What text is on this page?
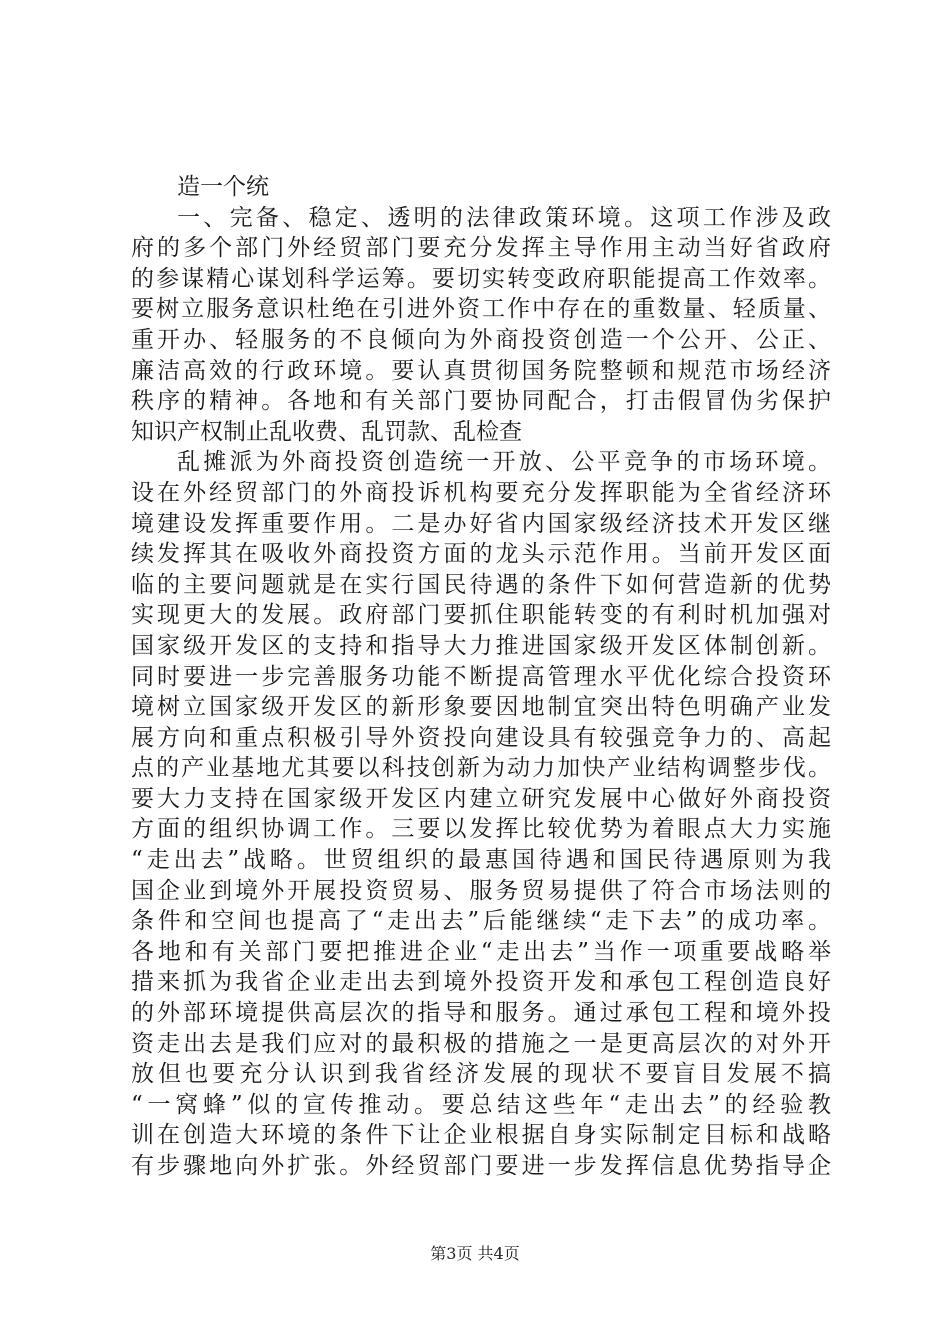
造一个统
一、完备、稳定、透明的法律政策环境。这项工作涉及政
府的多个部门外经贸部门要充分发挥主导作用主动当好省政府
的参谋精心谋划科学运筹。要切实转变政府职能提高工作效率。
要树立服务意识杜绝在引进外资工作中存在的重数量、轻质量、
重开办、轻服务的不良倾向为外商投资创造一个公开、公正、
廉洁高效的行政环境。要认真贯彻国务院整顿和规范市场经济
秩序的精神。各地和有关部门要协同配合，打击假冒伪劣保护
知识产权制止乱收费、乱罚款、乱检查
乱摊派为外商投资创造统一开放、公平竞争的市场环境。
设在外经贸部门的外商投诉机构要充分发挥职能为全省经济环
境建设发挥重要作用。二是办好省内国家级经济技术开发区继
续发挥其在吸收外商投资方面的龙头示范作用。当前开发区面
临的主要问题就是在实行国民待遇的条件下如何营造新的优势
实现更大的发展。政府部门要抓住职能转变的有利时机加强对
国家级开发区的支持和指导大力推进国家级开发区体制创新。
同时要进一步完善服务功能不断提高管理水平优化综合投资环
境树立国家级开发区的新形象要因地制宜突出特色明确产业发
展方向和重点积极引导外资投向建设具有较强竞争力的、高起
点的产业基地尤其要以科技创新为动力加快产业结构调整步伐。
要大力支持在国家级开发区内建立研究发展中心做好外商投资
方面的组织协调工作。三要以发挥比较优势为着眼点大力实施
“走出去”战略。世贸组织的最惠国待遇和国民待遇原则为我
国企业到境外开展投资贸易、服务贸易提供了符合市场法则的
条件和空间也提高了“走出去”后能继续“走下去”的成功率。
各地和有关部门要把推进企业“走出去”当作一项重要战略举
措来抓为我省企业走出去到境外投资开发和承包工程创造良好
的外部环境提供高层次的指导和服务。通过承包工程和境外投
资走出去是我们应对的最积极的措施之一是更高层次的对外开
放但也要充分认识到我省经济发展的现状不要盲目发展不搞
“一窝蜂”似的宣传推动。要总结这些年“走出去”的经验教
训在创造大环境的条件下让企业根据自身实际制定目标和战略
有步骤地向外扩张。外经贸部门要进一步发挥信息优势指导企
第3页 共4页
